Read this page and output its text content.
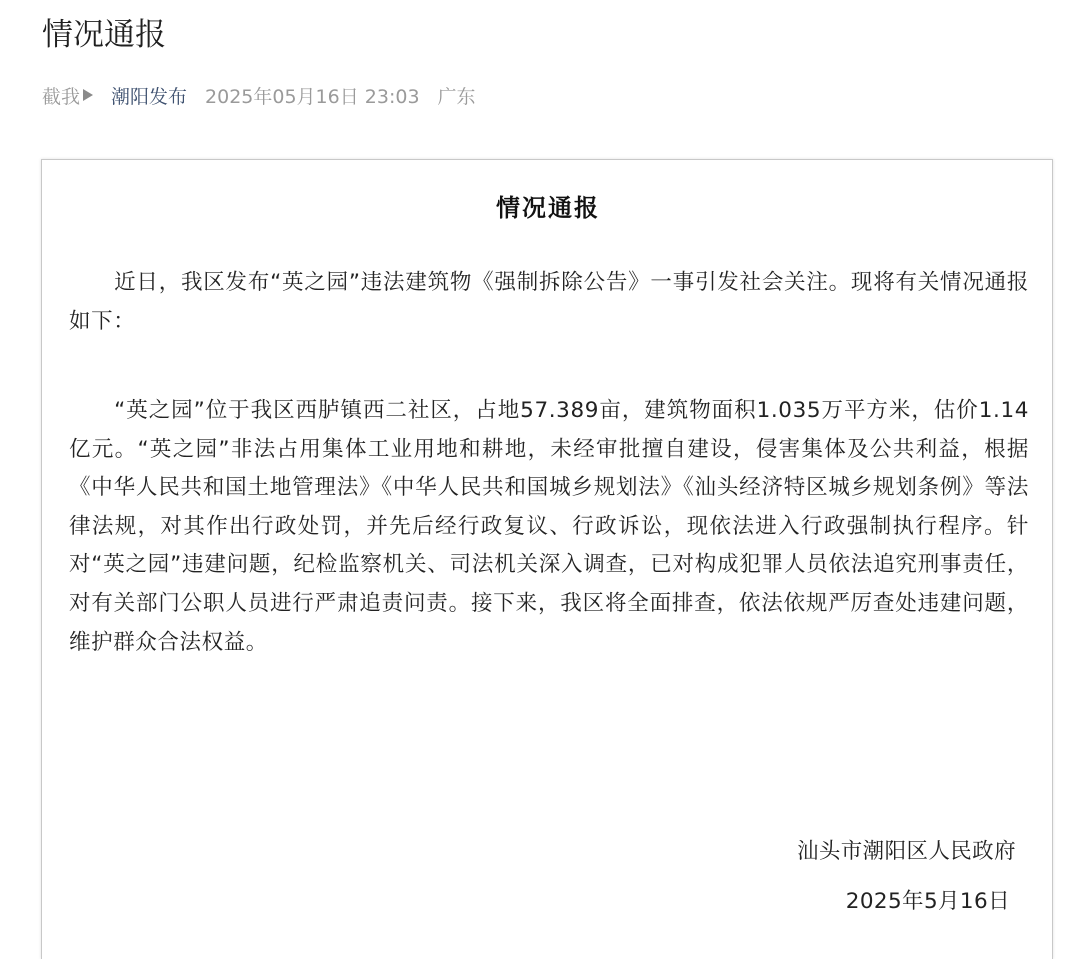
情况通报
截我 潮阳发布 2025年05月16日 23:03 广东
情况通报

近日，我区发布“英之园”违法建筑物《强制拆除公告》一事引发社会关注。现将有关情况通报如下：

“英之园”位于我区西胪镇西二社区，占地57.389亩，建筑物面积1.035万平方米，估价1.14亿元。“英之园”非法占用集体工业用地和耕地，未经审批擅自建设，侵害集体及公共利益，根据《中华人民共和国土地管理法》《中华人民共和国城乡规划法》《汕头经济特区城乡规划条例》等法律法规，对其作出行政处罚，并先后经行政复议、行政诉讼，现依法进入行政强制执行程序。针对“英之园”违建问题，纪检监察机关、司法机关深入调查，已对构成犯罪人员依法追究刑事责任，对有关部门公职人员进行严肃追责问责。接下来，我区将全面排查，依法依规严厉查处违建问题，维护群众合法权益。

汕头市潮阳区人民政府
2025年5月16日
